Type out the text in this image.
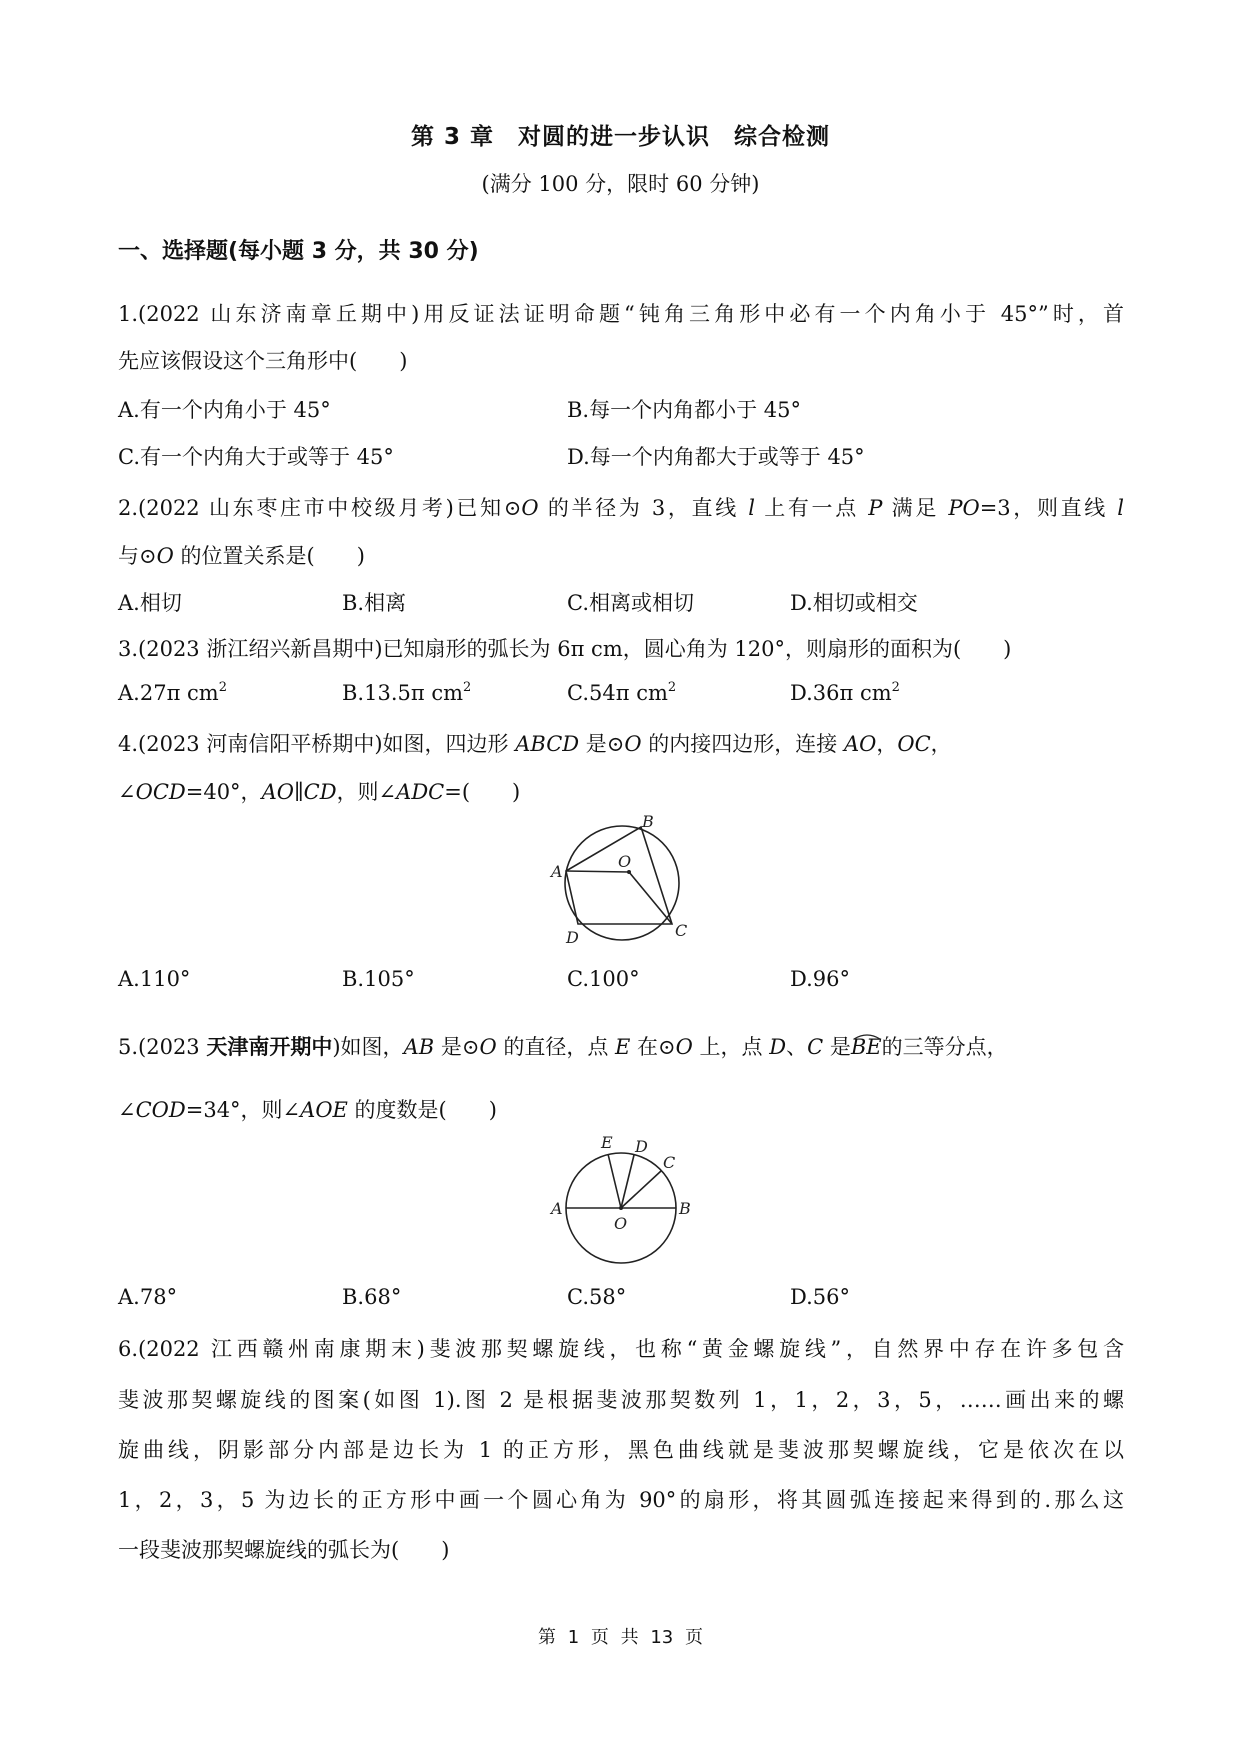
第 3 章　对圆的进一步认识　综合检测
(满分 100 分，限时 60 分钟)
一、选择题(每小题 3 分，共 30 分)
1.(2022 山东济南章丘期中)用反证法证明命题“钝角三角形中必有一个内角小于 45°”时，首
先应该假设这个三角形中(　　)
A.有一个内角小于 45°	B.每一个内角都小于 45°
C.有一个内角大于或等于 45°	D.每一个内角都大于或等于 45°
2.(2022 山东枣庄市中校级月考)已知⊙O 的半径为 3，直线 l 上有一点 P 满足 PO=3，则直线 l
与⊙O 的位置关系是(　　)
A.相切	B.相离	C.相离或相切	D.相切或相交
3.(2023 浙江绍兴新昌期中)已知扇形的弧长为 6π cm，圆心角为 120°，则扇形的面积为(　　)
A.27π $cm^2$	B.13.5π $cm^2$	C.54π $cm^2$	D.36π $cm^2$
4.(2023 河南信阳平桥期中)如图，四边形 ABCD 是⊙O 的内接四边形，连接 AO，OC，
∠OCD=40°，AO∥CD，则∠ADC=(　　)
A
B
C
D
O
A.110°	B.105°	C.100°	D.96°
5.(2023 天津南开期中)如图，AB 是⊙O 的直径，点 E 在⊙O 上，点 D、C 是BE
的三等分点，
∠COD=34°，则∠AOE 的度数是(　　)
A	B
C
D
E
O
A.78°	B.68°	C.58°	D.56°
6.(2022 江西赣州南康期末)斐波那契螺旋线，也称“黄金螺旋线”，自然界中存在许多包含
斐波那契螺旋线的图案(如图 1).图 2 是根据斐波那契数列 1，1，2，3，5，……画出来的螺
旋曲线，阴影部分内部是边长为 1 的正方形，黑色曲线就是斐波那契螺旋线，它是依次在以
1，2，3，5 为边长的正方形中画一个圆心角为 90°的扇形，将其圆弧连接起来得到的.那么这
一段斐波那契螺旋线的弧长为(　　)
第 1 页 共 13 页
